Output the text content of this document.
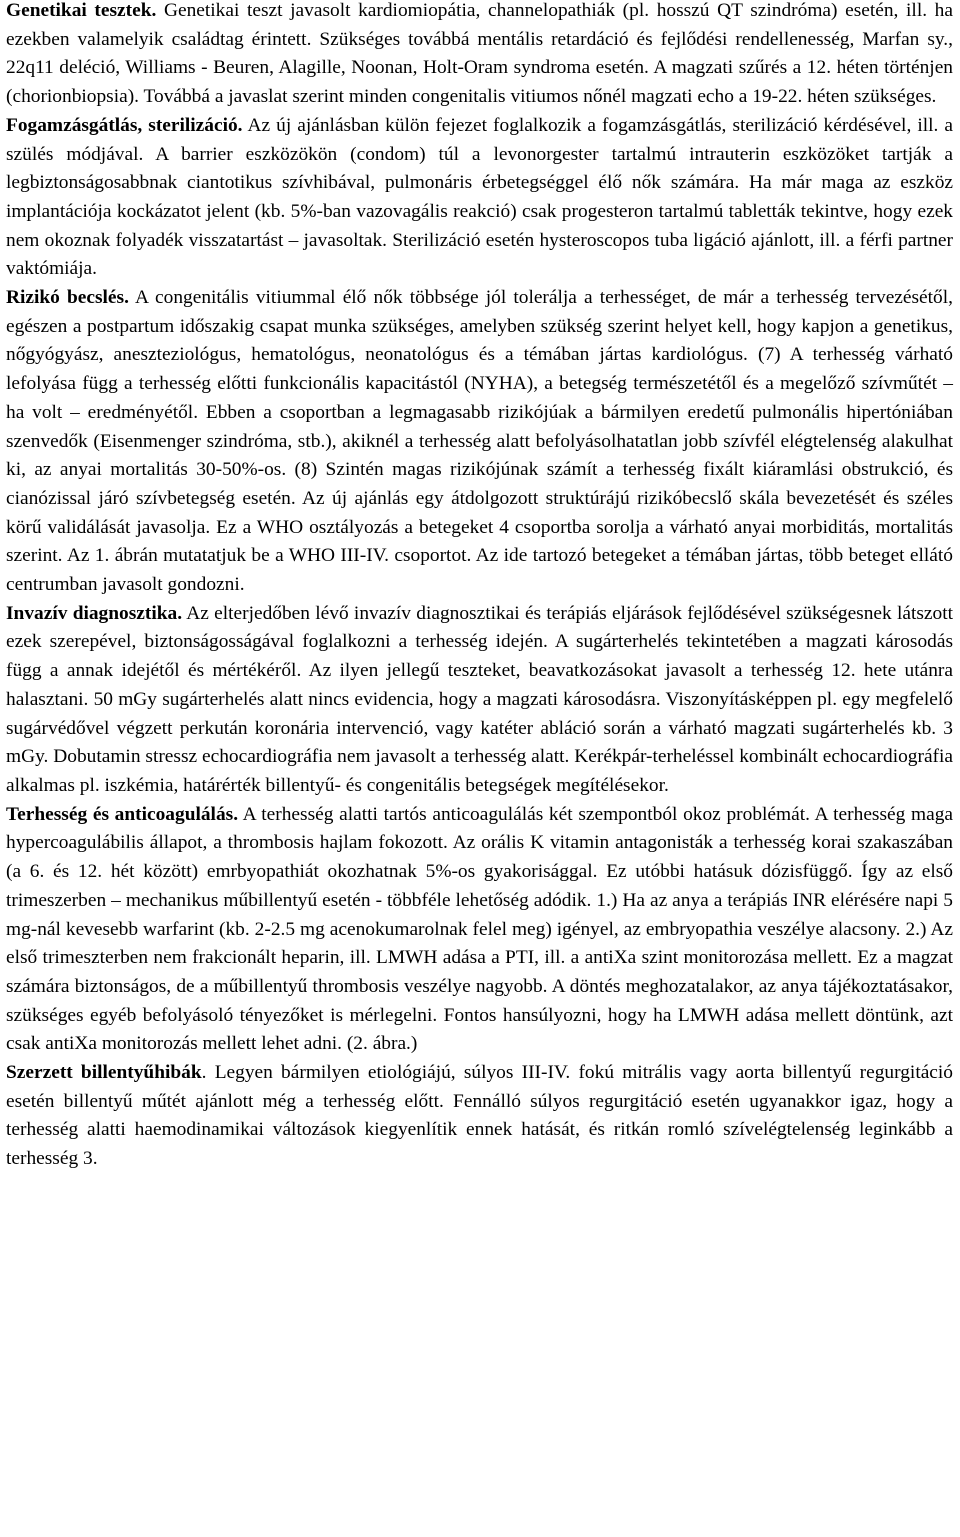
Genetikai tesztek. Genetikai teszt javasolt kardiomiopátia, channelopathiák (pl. hosszú QT szindróma) esetén, ill. ha ezekben valamelyik családtag érintett. Szükséges továbbá mentális retardáció és fejlődési rendellenesség, Marfan sy., 22q11 deléció, Williams - Beuren, Alagille, Noonan, Holt-Oram syndroma esetén. A magzati szűrés a 12. héten történjen (chorionbiopsia). Továbbá a javaslat szerint minden congenitalis vitiumos nőnél magzati echo a 19-22. héten szükséges.

Fogamzásgátlás, sterilizáció. Az új ajánlásban külön fejezet foglalkozik a fogamzásgátlás, sterilizáció kérdésével, ill. a szülés módjával. A barrier eszközökön (condom) túl a levonorgester tartalmú intrauterin eszközöket tartják a legbiztonságosabbnak ciantotikus szívhibával, pulmonáris érbetegséggel élő nők számára. Ha már maga az eszköz implantációja kockázatot jelent (kb. 5%-ban vazovagális reakció) csak progesteron tartalmú tabletták tekintve, hogy ezek nem okoznak folyadék visszatartást – javasoltak. Sterilizáció esetén hysteroscopos tuba ligáció ajánlott, ill. a férfi partner vaktómiája.

Rizikó becslés. A congenitális vitiummal élő nők többsége jól tolerálja a terhességet, de már a terhesség tervezésétől, egészen a postpartum időszakig csapat munka szükséges, amelyben szükség szerint helyet kell, hogy kapjon a genetikus, nőgyógyász, aneszteziológus, hematológus, neonatológus és a témában jártas kardiológus. (7) A terhesség várható lefolyása függ a terhesség előtti funkcionális kapacitástól (NYHA), a betegség természetétől és a megelőző szívműtét – ha volt – eredményétől. Ebben a csoportban a legmagasabb rizikójúak a bármilyen eredetű pulmonális hipertóniában szenvedők (Eisenmenger szindróma, stb.), akiknél a terhesség alatt befolyásolhatatlan jobb szívfél elégtelenség alakulhat ki, az anyai mortalitás 30-50%-os. (8) Szintén magas rizikójúnak számít a terhesség fixált kiáramlási obstrukció, és cianózissal járó szívbetegség esetén. Az új ajánlás egy átdolgozott struktúrájú rizikóbecslő skála bevezetését és széles körű validálását javasolja. Ez a WHO osztályozás a betegeket 4 csoportba sorolja a várható anyai morbiditás, mortalitás szerint. Az 1. ábrán mutatatjuk be a WHO III-IV. csoportot. Az ide tartozó betegeket a témában jártas, több beteget ellátó centrumban javasolt gondozni.

Invazív diagnosztika. Az elterjedőben lévő invazív diagnosztikai és terápiás eljárások fejlődésével szükségesnek látszott ezek szerepével, biztonságosságával foglalkozni a terhesség idején. A sugárterhelés tekintetében a magzati károsodás függ a annak idejétől és mértékéről. Az ilyen jellegű teszteket, beavatkozásokat javasolt a terhesség 12. hete utánra halasztani. 50 mGy sugárterhelés alatt nincs evidencia, hogy a magzati károsodásra. Viszonyításképpen pl. egy megfelelő sugárvédővel végzett perkután koronária intervenció, vagy katéter abláció során a várható magzati sugárterhelés kb. 3 mGy. Dobutamin stressz echocardiográfia nem javasolt a terhesség alatt. Kerékpár-terheléssel kombinált echocardiográfia alkalmas pl. iszkémia, határérték billentyű- és congenitális betegségek megítélésekor.

Terhesség és anticoagulálás. A terhesség alatti tartós anticoagulálás két szempontból okoz problémát. A terhesség maga hypercoagulábilis állapot, a thrombosis hajlam fokozott. Az orális K vitamin antagonisták a terhesség korai szakaszában (a 6. és 12. hét között) emrbyopathiát okozhatnak 5%-os gyakorisággal. Ez utóbbi hatásuk dózisfüggő. Így az első trimeszerben – mechanikus műbillentyű esetén - többféle lehetőség adódik. 1.) Ha az anya a terápiás INR elérésére napi 5 mg-nál kevesebb warfarint (kb. 2-2.5 mg acenokumarolnak felel meg) igényel, az embryopathia veszélye alacsony. 2.) Az első trimeszterben nem frakcionált heparin, ill. LMWH adása a PTI, ill. a antiXa szint monitorozása mellett. Ez a magzat számára biztonságos, de a műbillentyű thrombosis veszélye nagyobb. A döntés meghozatalakor, az anya tájékoztatásakor, szükséges egyéb befolyásoló tényezőket is mérlegelni. Fontos hansúlyozni, hogy ha LMWH adása mellett döntünk, azt csak antiXa monitorozás mellett lehet adni. (2. ábra.)

Szerzett billentyűhibák. Legyen bármilyen etiológiájú, súlyos III-IV. fokú mitrális vagy aorta billentyű regurgitáció esetén billentyű műtét ajánlott még a terhesség előtt. Fennálló súlyos regurgitáció esetén ugyanakkor igaz, hogy a terhesség alatti haemodinamikai változások kiegyenlítik ennek hatását, és ritkán romló szívelégtelenség leginkább a terhesség 3.
